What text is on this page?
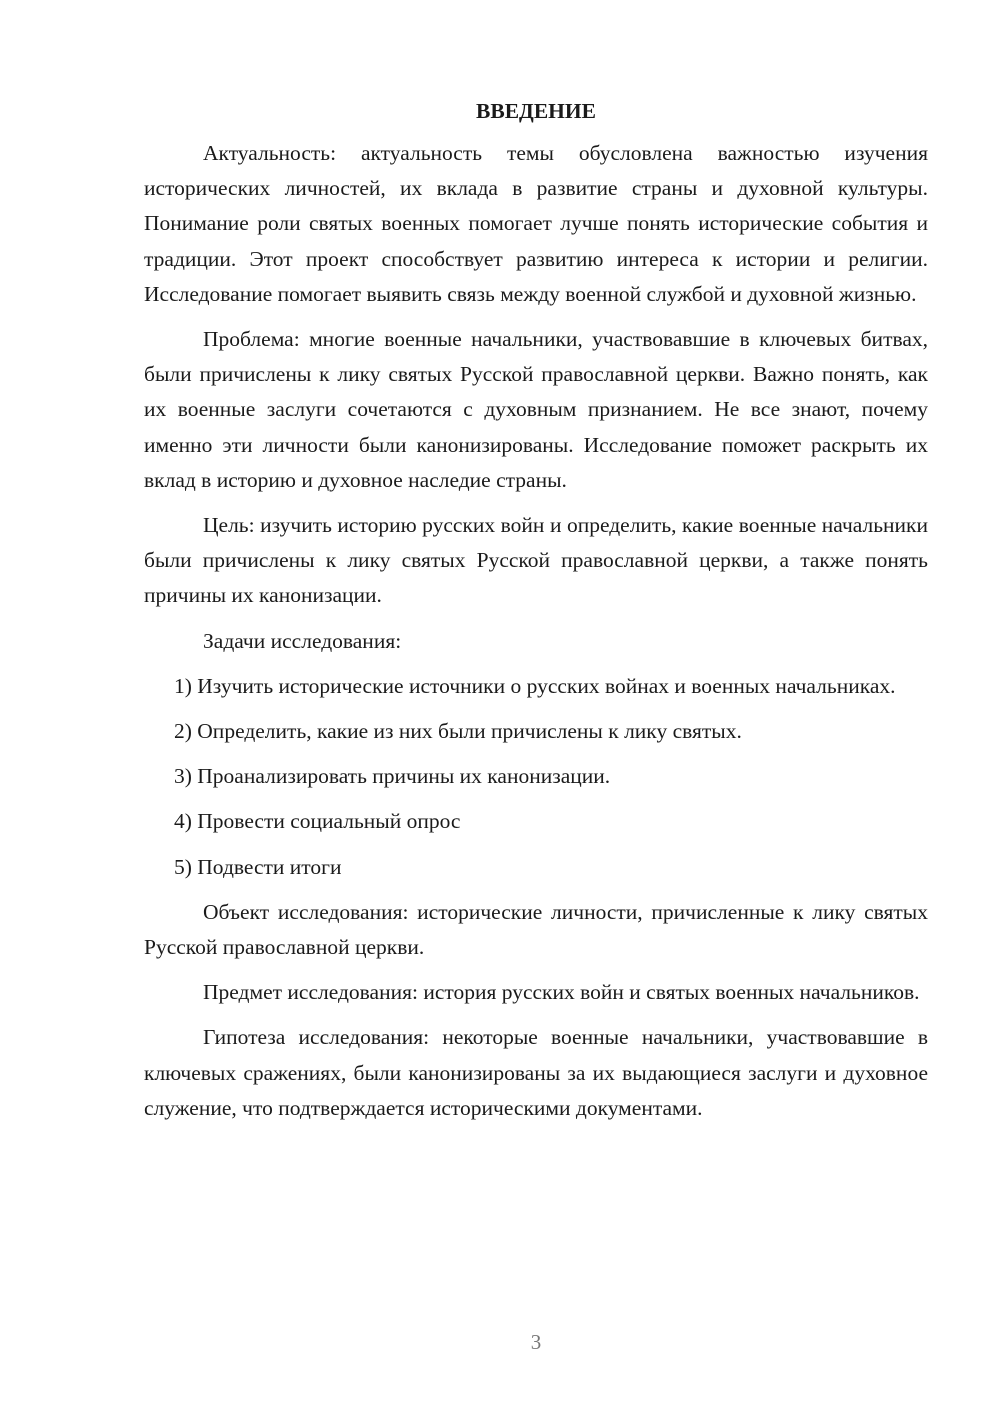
ВВЕДЕНИЕ

Актуальность: актуальность темы обусловлена важностью изучения исторических личностей, их вклада в развитие страны и духовной культуры. Понимание роли святых военных помогает лучше понять исторические события и традиции. Этот проект способствует развитию интереса к истории и религии. Исследование помогает выявить связь между военной службой и духовной жизнью.

Проблема: многие военные начальники, участвовавшие в ключевых битвах, были причислены к лику святых Русской православной церкви. Важно понять, как их военные заслуги сочетаются с духовным признанием. Не все знают, почему именно эти личности были канонизированы. Исследование поможет раскрыть их вклад в историю и духовное наследие страны.

Цель: изучить историю русских войн и определить, какие военные начальники были причислены к лику святых Русской православной церкви, а также понять причины их канонизации.

Задачи исследования:

1) Изучить исторические источники о русских войнах и военных начальниках.

2) Определить, какие из них были причислены к лику святых.

3) Проанализировать причины их канонизации.

4) Провести социальный опрос

5) Подвести итоги

Объект исследования: исторические личности, причисленные к лику святых Русской православной церкви.

Предмет исследования: история русских войн и святых военных начальников.

Гипотеза исследования: некоторые военные начальники, участвовавшие в ключевых сражениях, были канонизированы за их выдающиеся заслуги и духовное служение, что подтверждается историческими документами.

3
